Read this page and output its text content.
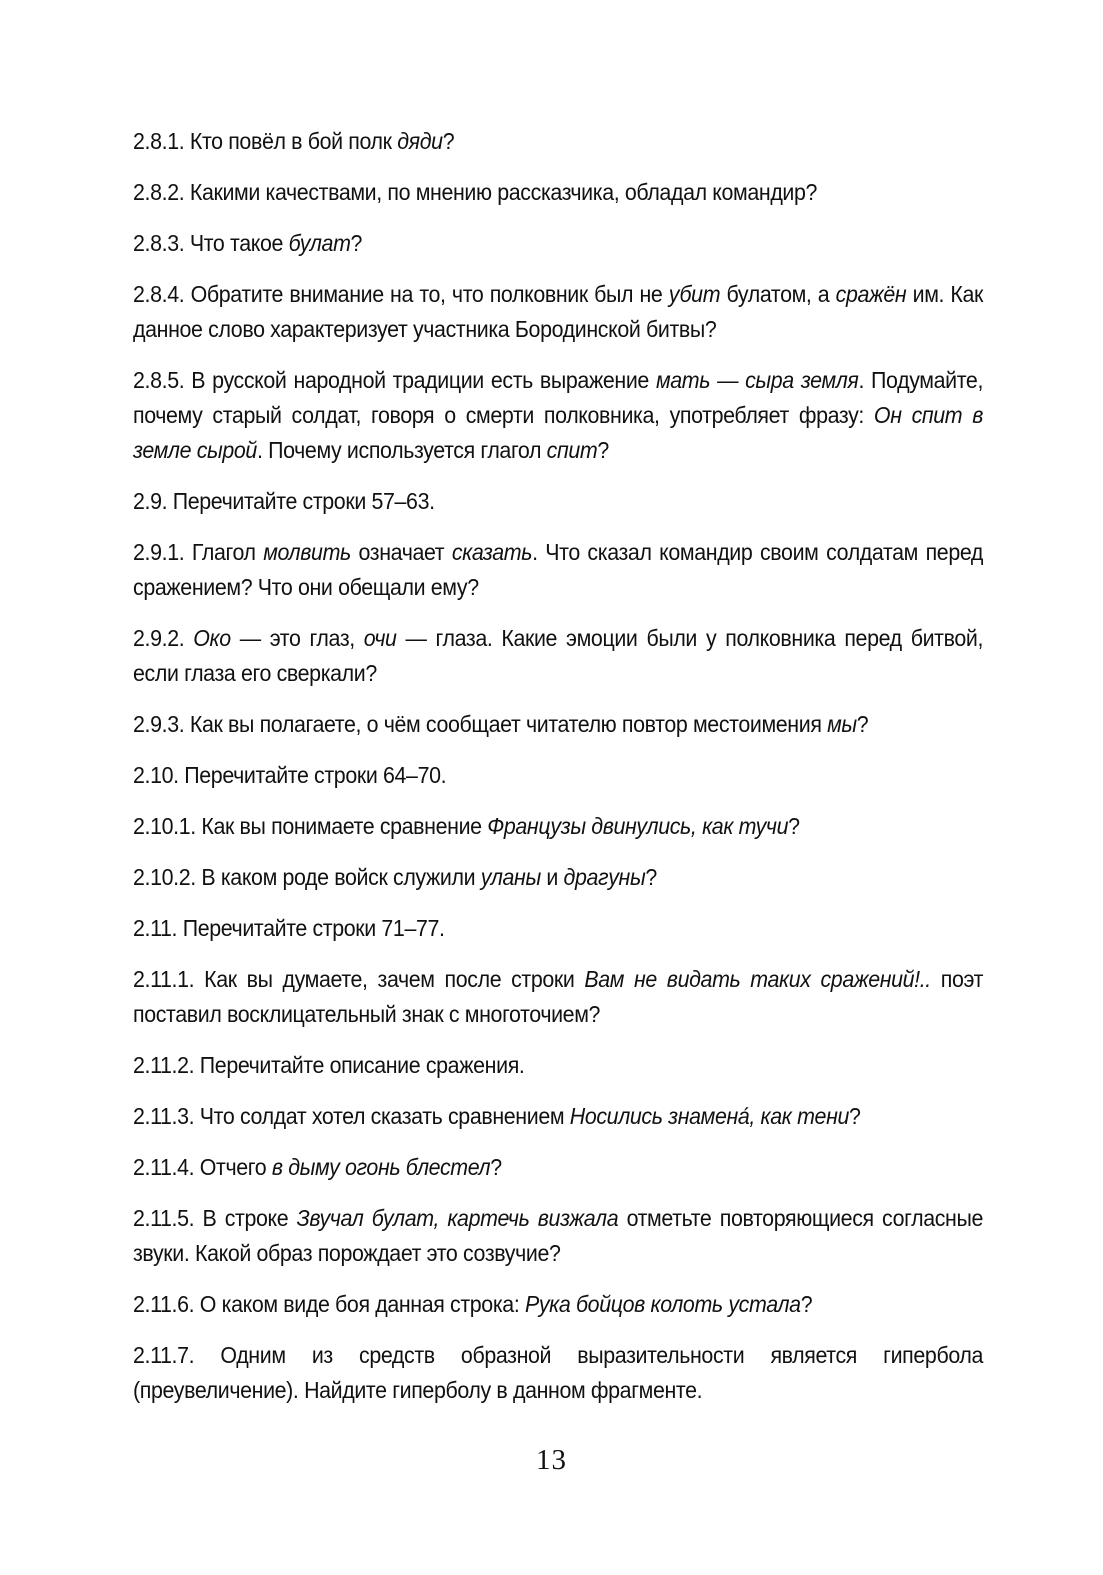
2.8.1. Кто повёл в бой полк дяди?

2.8.2. Какими качествами, по мнению рассказчика, обладал командир?

2.8.3. Что такое булат?

2.8.4. Обратите внимание на то, что полковник был не убит булатом, а сражён им. Как данное слово характеризует участника Бородинской битвы?

2.8.5. В русской народной традиции есть выражение мать — сыра земля. Подумайте, почему старый солдат, говоря о смерти полковника, употребляет фразу: Он спит в земле сырой. Почему используется глагол спит?

2.9. Перечитайте строки 57–63.

2.9.1. Глагол молвить означает сказать. Что сказал командир своим солдатам перед сражением? Что они обещали ему?

2.9.2. Око — это глаз, очи — глаза. Какие эмоции были у полковника перед битвой, если глаза его сверкали?

2.9.3. Как вы полагаете, о чём сообщает читателю повтор местоимения мы?

2.10. Перечитайте строки 64–70.

2.10.1. Как вы понимаете сравнение Французы двинулись, как тучи?

2.10.2. В каком роде войск служили уланы и драгуны?

2.11. Перечитайте строки 71–77.

2.11.1. Как вы думаете, зачем после строки Вам не видать таких сражений!.. поэт поставил восклицательный знак с многоточием?

2.11.2. Перечитайте описание сражения.

2.11.3. Что солдат хотел сказать сравнением Носились знамена́, как тени?

2.11.4. Отчего в дыму огонь блестел?

2.11.5. В строке Звучал булат, картечь визжала отметьте повторяющиеся согласные звуки. Какой образ порождает это созвучие?

2.11.6. О каком виде боя данная строка: Рука бойцов колоть устала?

2.11.7. Одним из средств образной выразительности является гипербола (преувеличение). Найдите гиперболу в данном фрагменте.

13
